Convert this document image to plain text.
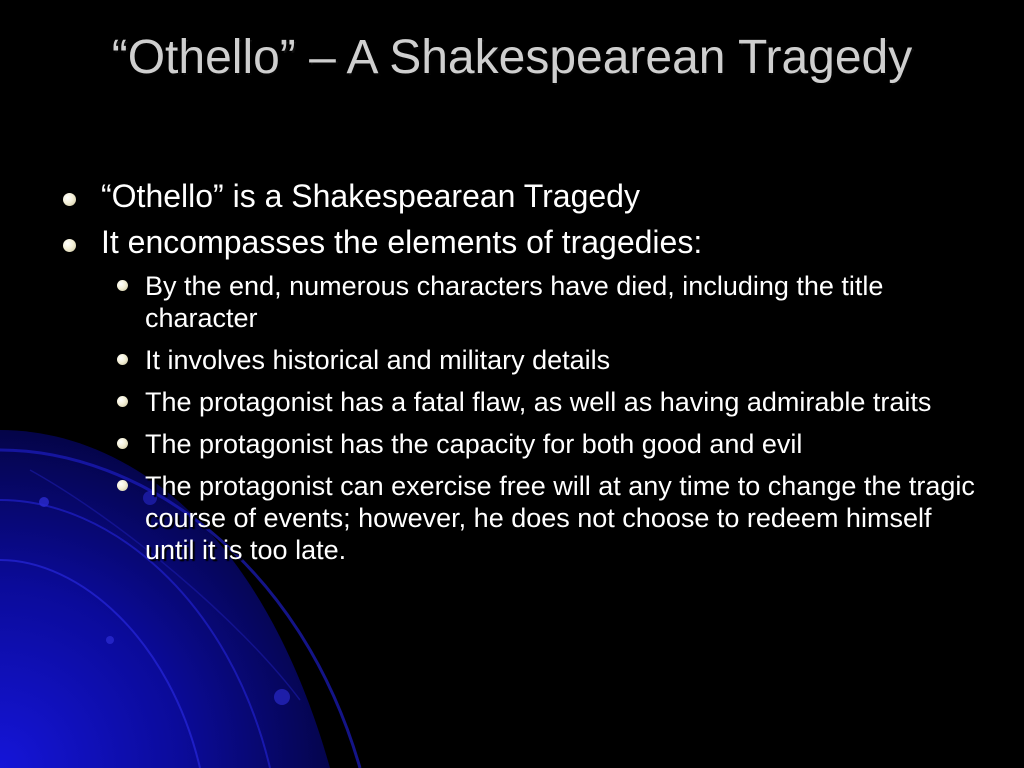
“Othello” – A Shakespearean Tragedy
“Othello” is a Shakespearean Tragedy
It encompasses the elements of tragedies:
By the end, numerous characters have died, including the title character
It involves historical and military details
The protagonist has a fatal flaw, as well as having admirable traits
The protagonist has the capacity for both good and evil
The protagonist can exercise free will at any time to change the tragic course of events; however, he does not choose to redeem himself until it is too late.
